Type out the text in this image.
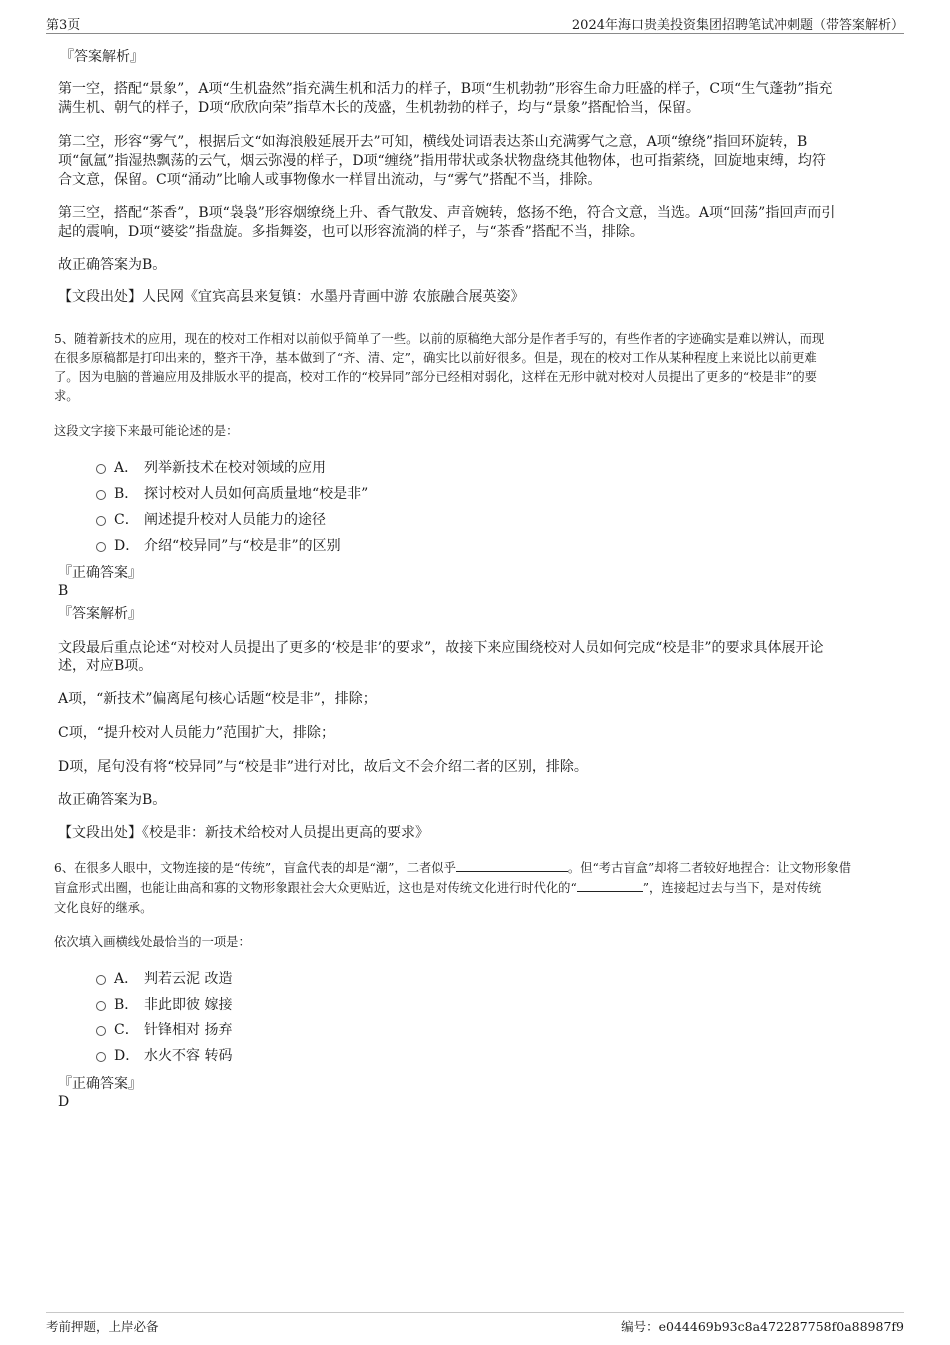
第3页	2024年海口贵美投资集团招聘笔试冲刺题（带答案解析）
『答案解析』
第一空，搭配“景象”，A项“生机盎然”指充满生机和活力的样子，B项“生机勃勃”形容生命力旺盛的样子，C项“生气蓬勃”指充
满生机、朝气的样子，D项“欣欣向荣”指草木长的茂盛，生机勃勃的样子，均与“景象”搭配恰当，保留。
第二空，形容“雾气”，根据后文“如海浪般延展开去”可知，横线处词语表达茶山充满雾气之意，A项“缭绕”指回环旋转，B
项“氤氲”指湿热飘荡的云气，烟云弥漫的样子，D项“缠绕”指用带状或条状物盘绕其他物体，也可指萦绕，回旋地束缚，均符
合文意，保留。C项“涌动”比喻人或事物像水一样冒出流动，与“雾气”搭配不当，排除。
第三空，搭配“茶香”，B项“袅袅”形容烟缭绕上升、香气散发、声音婉转，悠扬不绝，符合文意，当选。A项“回荡”指回声而引
起的震响，D项“婆娑”指盘旋。多指舞姿，也可以形容流淌的样子，与“茶香”搭配不当，排除。
故正确答案为B。
【文段出处】人民网《宜宾高县来复镇：水墨丹青画中游 农旅融合展英姿》
5、随着新技术的应用，现在的校对工作相对以前似乎简单了一些。以前的原稿绝大部分是作者手写的，有些作者的字迹确实是难以辨认，而现
在很多原稿都是打印出来的，整齐干净，基本做到了“齐、清、定”，确实比以前好很多。但是，现在的校对工作从某种程度上来说比以前更难
了。因为电脑的普遍应用及排版水平的提高，校对工作的“校异同”部分已经相对弱化，这样在无形中就对校对人员提出了更多的“校是非”的要
求。
这段文字接下来最可能论述的是：
A． 列举新技术在校对领域的应用
B． 探讨校对人员如何高质量地“校是非”
C． 阐述提升校对人员能力的途径
D． 介绍“校异同”与“校是非”的区别
『正确答案』
B
『答案解析』
文段最后重点论述“对校对人员提出了更多的‘校是非’的要求”，故接下来应围绕校对人员如何完成“校是非”的要求具体展开论
述，对应B项。
A项，“新技术”偏离尾句核心话题“校是非”，排除；
C项，“提升校对人员能力”范围扩大，排除；
D项，尾句没有将“校异同”与“校是非”进行对比，故后文不会介绍二者的区别，排除。
故正确答案为B。
【文段出处】《校是非：新技术给校对人员提出更高的要求》
6、在很多人眼中，文物连接的是“传统”，盲盒代表的却是“潮”，二者似乎	。但“考古盲盒”却将二者较好地捏合：让文物形象借
盲盒形式出圈，也能让曲高和寡的文物形象跟社会大众更贴近，这也是对传统文化进行时代化的“	”，连接起过去与当下，是对传统
文化良好的继承。
依次填入画横线处最恰当的一项是：
A． 判若云泥 改造
B． 非此即彼 嫁接
C． 针锋相对 扬弃
D． 水火不容 转码
『正确答案』
D
考前押题，上岸必备	编号：e044469b93c8a472287758f0a88987f9
